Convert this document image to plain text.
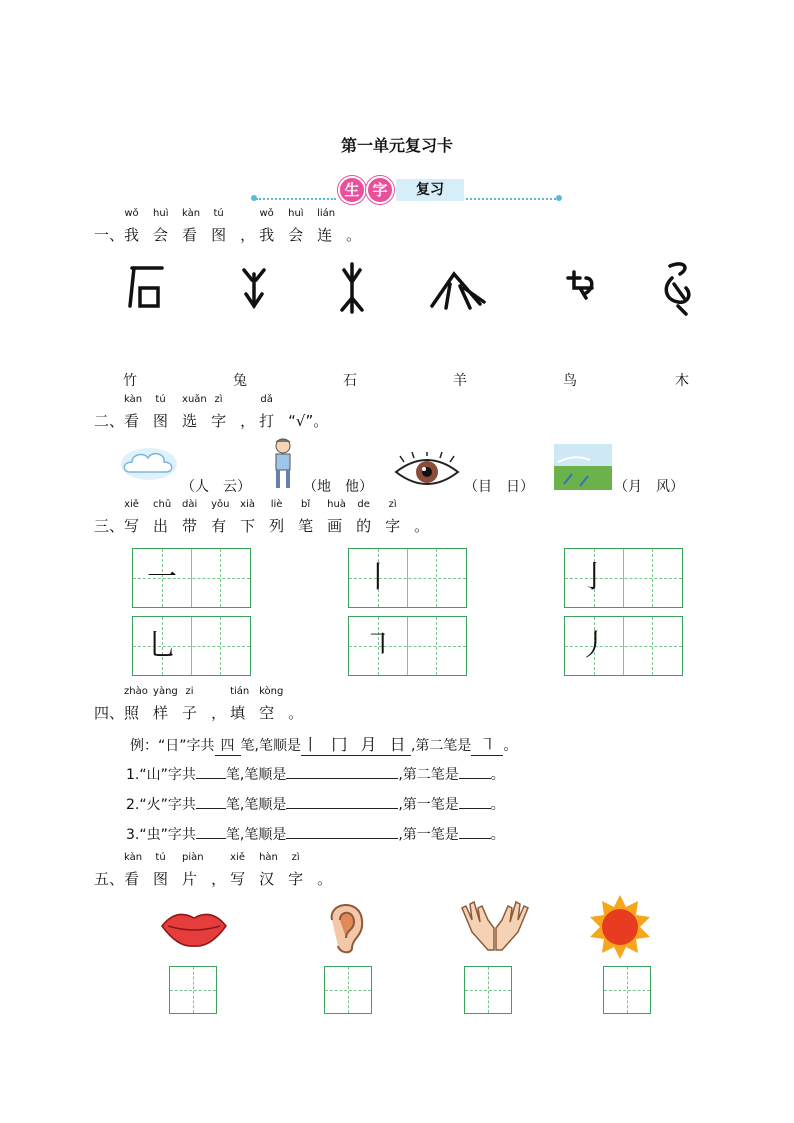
第一单元复习卡
生 字	复习
一、
wǒ
我
huì
会
kàn
看
tú
图 ，
wǒ
我
huì
会
lián
连 。
竹	兔	石	羊	鸟	木
二、
kàn
看
tú
图
xuǎn
选
zì
字 ，
dǎ
打 “√”。
（人　云）	（地　他）	（目　日）	（月　风）
三、
xiě
写
chū
出
dài
带
yǒu
有
xià
下
liè
列
bǐ
笔
huà
画
de
的
zì
字 。
一	丨	亅
乚	㇕	丿
四、
zhào
照
yàng
样
zi
子 ，
tián
填
kòng
空 。
例：“日”字共 四 笔,笔顺是丨 冂 月 日,第二笔是 ㇕ 。
1.“山”字共 笔,笔顺是	,第二笔是 。
2.“火”字共 笔,笔顺是	,第一笔是 。
3.“虫”字共 笔,笔顺是	,第一笔是 。
五、
kàn
看
tú
图
piàn
片 ，
xiě
写
hàn
汉
zì
字 。
